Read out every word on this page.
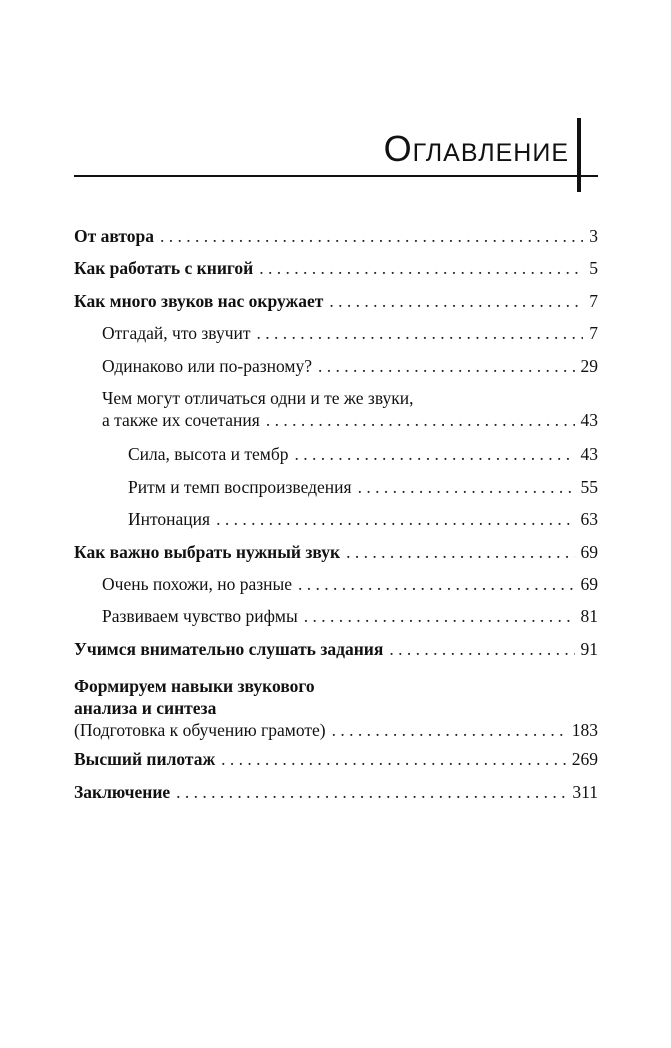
Оглавление
От автора . . .	3
Как работать с книгой . . .	5
Как много звуков нас окружает . . .	7
Отгадай, что звучит . . .	7
Одинаково или по-разному? . . .	29
Чем могут отличаться одни и те же звуки,
а также их сочетания . . .	43
Сила, высота и тембр . . .	43
Ритм и темп воспроизведения . . .	55
Интонация . . .	63
Как важно выбрать нужный звук . . .	69
Очень похожи, но разные . . .	69
Развиваем чувство рифмы . . .	81
Учимся внимательно слушать задания . . .	91
Формируем навыки звукового
анализа и синтеза
(Подготовка к обучению грамоте) . . .	183
Высший пилотаж . . .	269
Заключение . . .	311
